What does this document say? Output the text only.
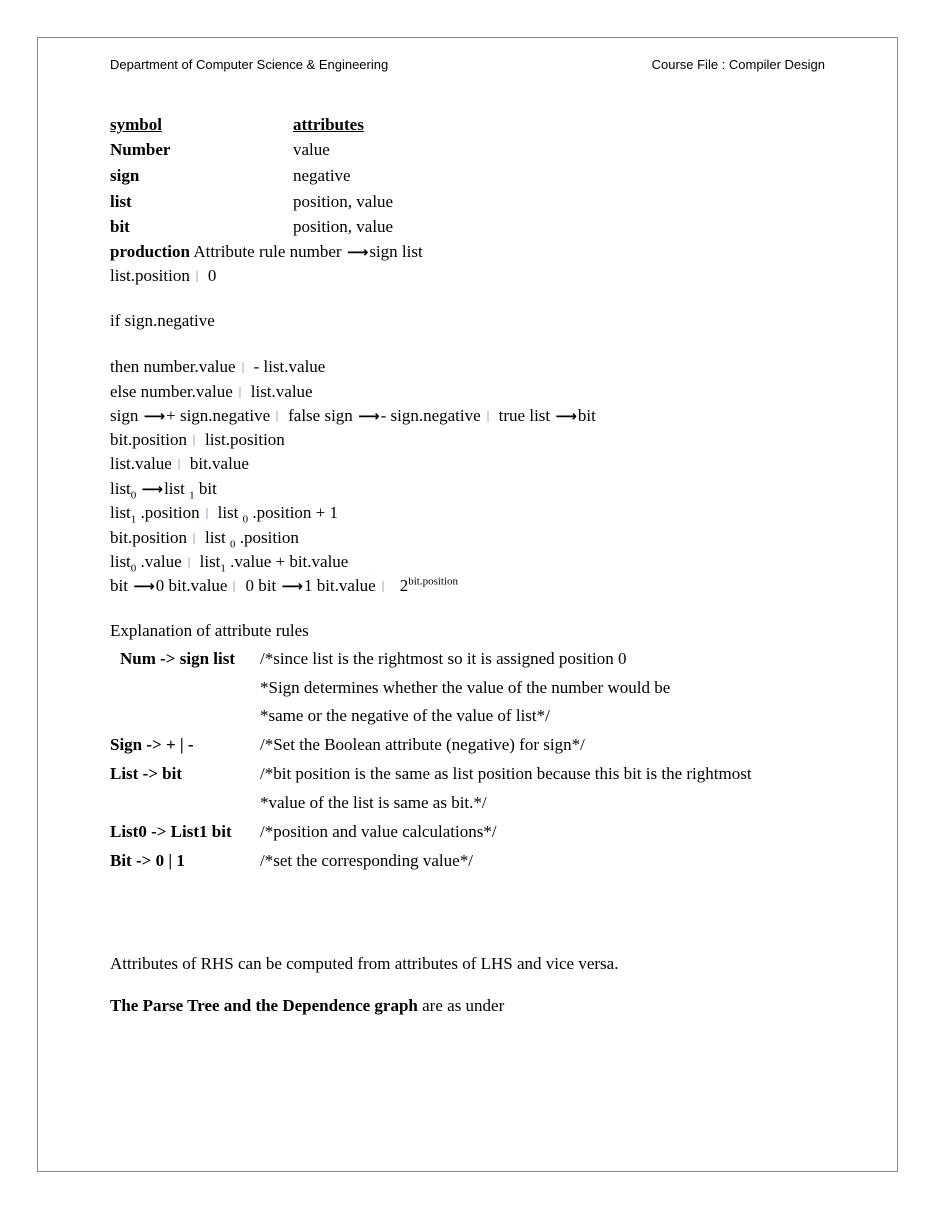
Department of Computer Science & Engineering	Course File : Compiler Design
symbol	attributes
Number	value
sign	negative
list	position, value
bit	position, value
production Attribute rule number ⟶sign list
list.position 0
if sign.negative
then number.value - list.value
else number.value list.value
sign ⟶+ sign.negative false sign ⟶- sign.negative true list ⟶bit
bit.position list.position
list.value bit.value
list$_0$ ⟶list $_1$ bit
list$_1$ .position list $_0$ .position + 1
bit.position list $_0$ .position
list$_0$ .value list$_1$ .value + bit.value
bit ⟶0 bit.value 0 bit ⟶1 bit.value $2^{bit.position}$
Explanation of attribute rules
Num -> sign list /*since list is the rightmost so it is assigned position 0
*Sign determines whether the value of the number would be
*same or the negative of the value of list*/
Sign -> + | -	/*Set the Boolean attribute (negative) for sign*/
List -> bit	/*bit position is the same as list position because this bit is the rightmost
*value of the list is same as bit.*/
List0 -> List1 bit /*position and value calculations*/
Bit -> 0 | 1	/*set the corresponding value*/
Attributes of RHS can be computed from attributes of LHS and vice versa.
The Parse Tree and the Dependence graph are as under
